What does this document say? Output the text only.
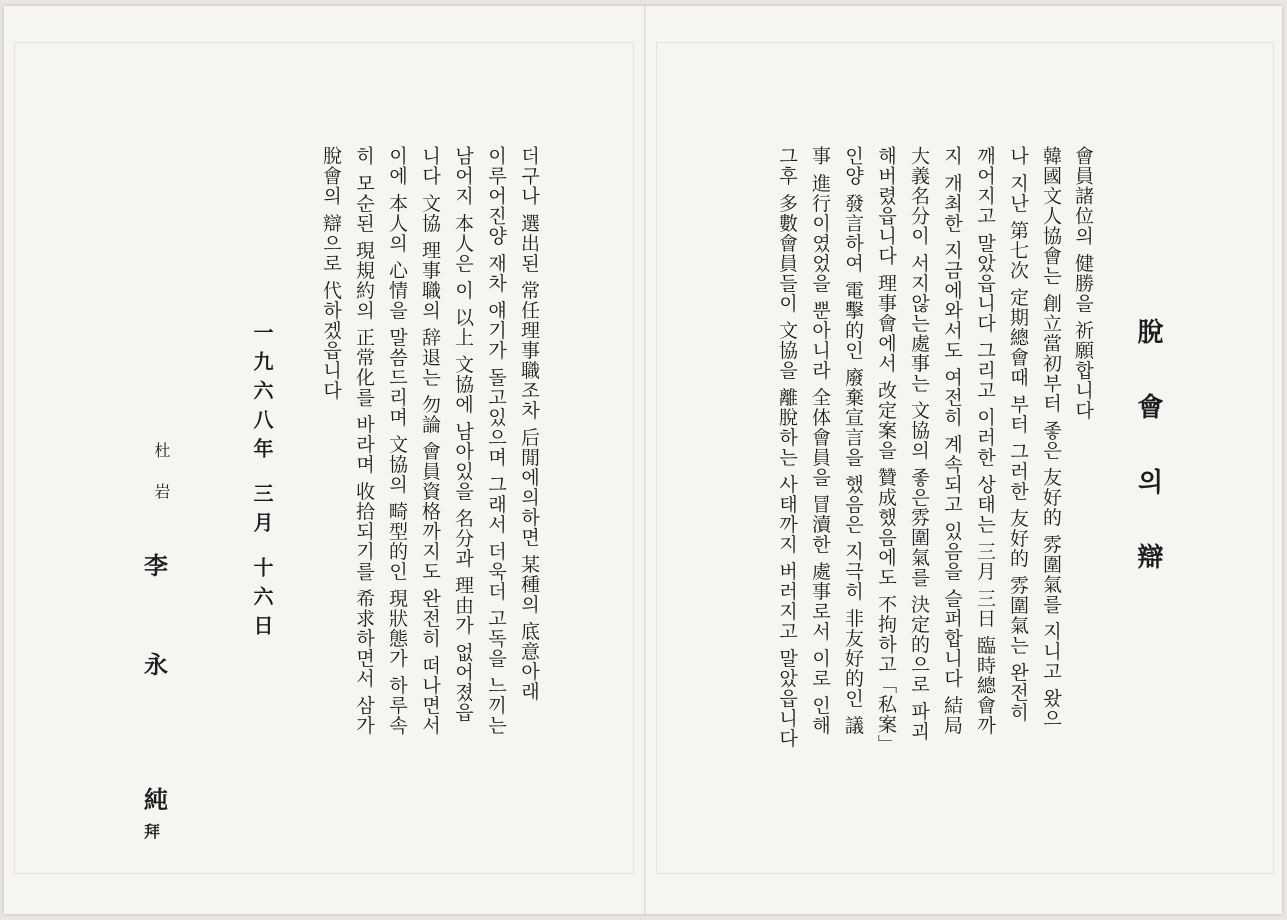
脫 會 의 辯
會員諸位의 健勝을 祈願합니다
韓國文人協會는 創立當初부터 좋은 友好的 雰圍氣를 지니고 왔으
나 지난 第七次 定期總會때 부터 그러한 友好的 雰圍氣는 완전히
깨어지고 말았읍니다 그리고 이러한 상태는 三月 三日 臨時總會까
지 개최한 지금에와서도 여전히 계속되고 있음을 슬퍼합니다 結局
大義名分이 서지않는處事는 文協의 좋은雰圍氣를 決定的으로 파괴
해버렸읍니다 理事會에서 改定案을 贊成했음에도 不拘하고「私案」
인양 發言하여 電擊的인 廢棄宣言을 했음은 지극히 非友好的인 議
事 進行이였었을 뿐아니라 全体會員을 冒瀆한 處事로서 이로 인해
그후 多數會員들이 文協을 離脫하는 사태까지 버러지고 말았읍니다
더구나 選出된 常任理事職조차 后閒에의하면 某種의 底意아래
이루어진양 재차 얘기가 돌고있으며 그래서 더욱더 고독을 느끼는
남어지 本人은 이 以上 文協에 남아있을 名分과 理由가 없어졌읍
니다 文協 理事職의 辞退는 勿論 會員資格까지도 완전히 떠나면서
이에 本人의 心情을 말씀드리며 文協의 畸型的인 現狀態가 하루속
히 모순된 現規約의 正常化를 바라며 收拾되기를 希求하면서 삼가
脫會의 辯으로 代하겠읍니다
一九六八年 三月 十六日
杜 岩
李
永
純
拜
